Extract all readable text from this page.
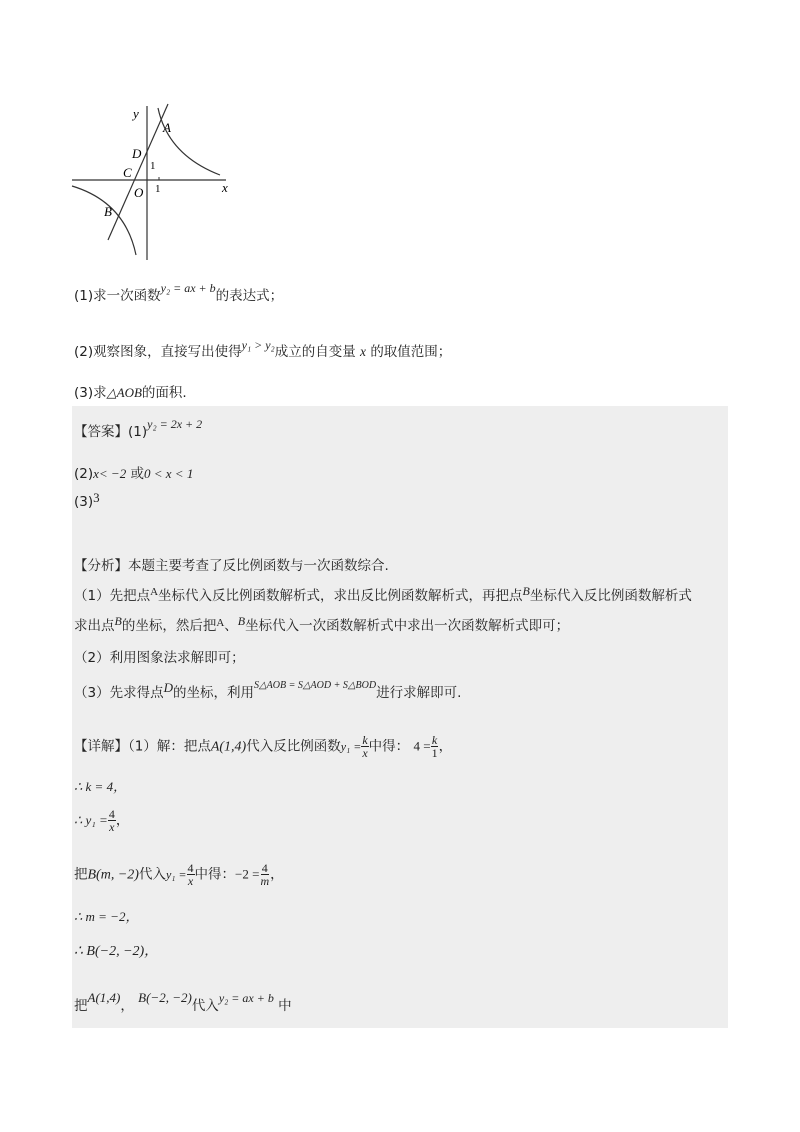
y
x
A
D
C
O
B
1
1
(1)求一次函数y₂ = ax + b的表达式；
(2)观察图象，直接写出使得y₁ > y₂成立的自变量 x 的取值范围；
(3)求△AOB的面积.
【答案】(1)y₂ = 2x + 2
(2)x< −2 或0 < x < 1
(3)3
【分析】本题主要考查了反比例函数与一次函数综合.
（1）先把点$^A$坐标代入反比例函数解析式，求出反比例函数解析式，再把点B坐标代入反比例函数解析式
求出点B的坐标，然后把$^A$、B坐标代入一次函数解析式中求出一次函数解析式即可；
（2）利用图象法求解即可；
（3）先求得点D的坐标，利用$^{S\triangle AOB = S\triangle AOD + S\triangle BOD}$进行求解即可.
【详解】（1）解：把点A(1,4)代入反比例函数$y_1 = \frac{k}{x}$ 中得： $4 = \frac{k}{1}$ ，
∴ k = 4，
∴ $y_1 = \frac{4}{x}$ ，
把B(m, −2)代入$y_1 = \frac{4}{x}$ 中得：$-2 = \frac{4}{m}$ ，
∴ m = −2，
∴ B(−2, −2)，
把A(1,4)， B(−2, −2)代入y₂ = ax + b 中
